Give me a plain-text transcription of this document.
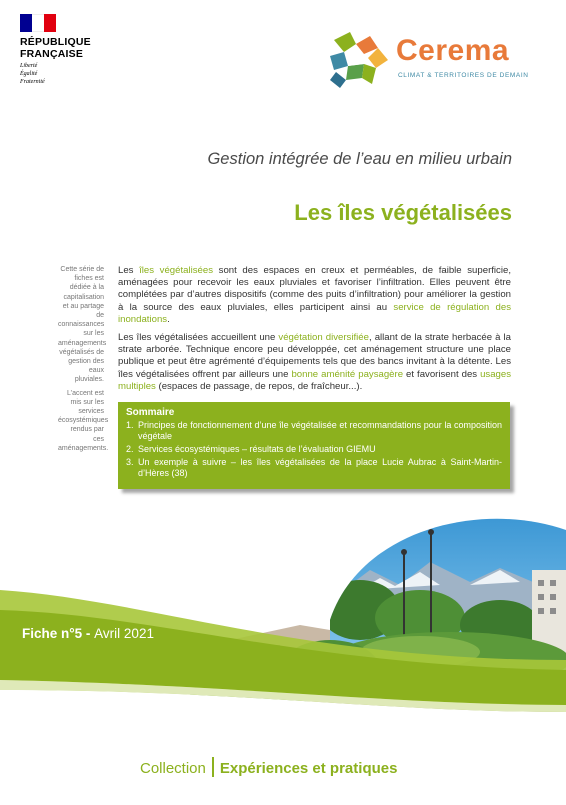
RÉPUBLIQUE
FRANÇAISE
Liberté
Égalité
Fraternité
Cerema
CLIMAT & TERRITOIRES DE DEMAIN
Gestion intégrée de l’eau en milieu urbain
Les îles végétalisées

Cette série de fiches est dédiée à la capitalisation et au partage de connaissances sur les aménagements végétalisés de gestion des eaux pluviales.

L’accent est mis sur les services écosystémiques rendus par ces aménagements.

Les îles végétalisées sont des espaces en creux et perméables, de faible superficie, aménagées pour recevoir les eaux pluviales et favoriser l’infiltration. Elles peuvent être complétées par d’autres dispositifs (comme des puits d’infiltration) pour améliorer la gestion à la source des eaux pluviales, elles participent ainsi au service de régulation des inondations.

Les îles végétalisées accueillent une végétation diversifiée, allant de la strate herbacée à la strate arborée. Technique encore peu développée, cet aménagement structure une place publique et peut être agrémenté d’équipements tels que des bancs invitant à la détente. Les îles végétalisées offrent par ailleurs une bonne aménité paysagère et favorisent des usages multiples (espaces de passage, de repos, de fraîcheur...).

Sommaire
1. Principes de fonctionnement d’une île végétalisée et recommandations pour la composition végétale
2. Services écosystémiques – résultats de l’évaluation GIEMU
3. Un exemple à suivre – les îles végétalisées de la place Lucie Aubrac à Saint-Martin-d’Hères (38)
Fiche n°5 - Avril 2021
Collection Expériences et pratiques
